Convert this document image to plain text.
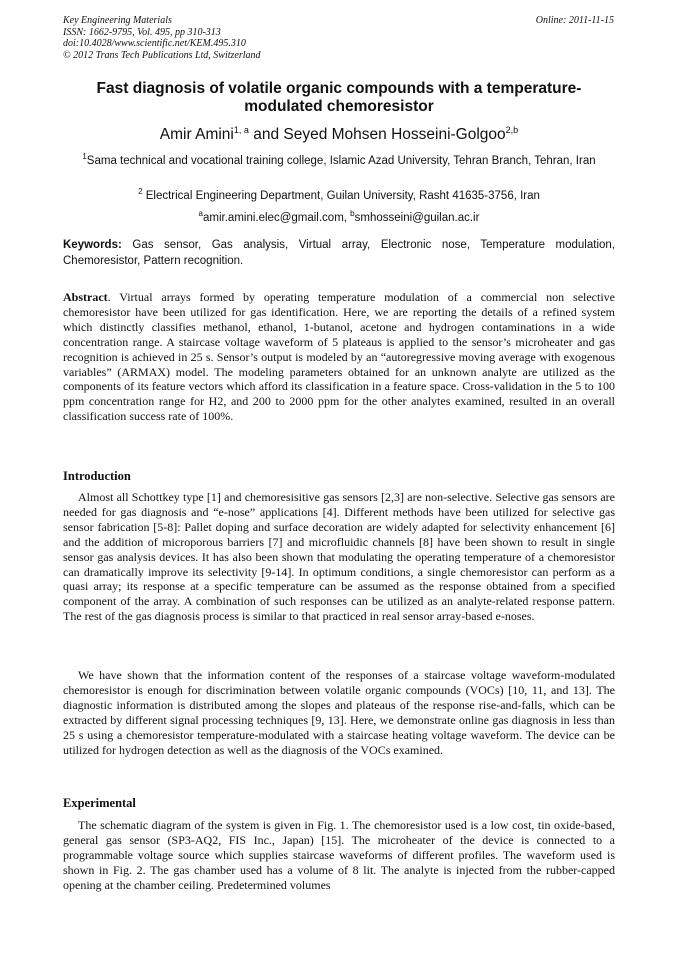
Key Engineering Materials
ISSN: 1662-9795, Vol. 495, pp 310-313
doi:10.4028/www.scientific.net/KEM.495.310
© 2012 Trans Tech Publications Ltd, Switzerland
Online: 2011-11-15
Fast diagnosis of volatile organic compounds with a temperature-modulated chemoresistor
Amir Amini$^{1, a}$ and Seyed Mohsen Hosseini-Golgoo$^{2,b}$
$^1$Sama technical and vocational training college, Islamic Azad University, Tehran Branch, Tehran, Iran
$^2$ Electrical Engineering Department, Guilan University, Rasht 41635-3756, Iran
$^a$amir.amini.elec@gmail.com, $^b$smhosseini@guilan.ac.ir
Keywords: Gas sensor, Gas analysis, Virtual array, Electronic nose, Temperature modulation, Chemoresistor, Pattern recognition.

Abstract. Virtual arrays formed by operating temperature modulation of a commercial non selective chemoresistor have been utilized for gas identification. Here, we are reporting the details of a refined system which distinctly classifies methanol, ethanol, 1-butanol, acetone and hydrogen contaminations in a wide concentration range. A staircase voltage waveform of 5 plateaus is applied to the sensor’s microheater and gas recognition is achieved in 25 s. Sensor’s output is modeled by an “autoregressive moving average with exogenous variables” (ARMAX) model. The modeling parameters obtained for an unknown analyte are utilized as the components of its feature vectors which afford its classification in a feature space. Cross-validation in the 5 to 100 ppm concentration range for H2, and 200 to 2000 ppm for the other analytes examined, resulted in an overall classification success rate of 100%.

Introduction

Almost all Schottkey type [1] and chemoresisitive gas sensors [2,3] are non-selective. Selective gas sensors are needed for gas diagnosis and “e-nose” applications [4]. Different methods have been utilized for selective gas sensor fabrication [5-8]: Pallet doping and surface decoration are widely adapted for selectivity enhancement [6] and the addition of microporous barriers [7] and microfluidic channels [8] have been shown to result in single sensor gas analysis devices. It has also been shown that modulating the operating temperature of a chemoresistor can dramatically improve its selectivity [9-14]. In optimum conditions, a single chemoresistor can perform as a quasi array; its response at a specific temperature can be assumed as the response obtained from a specified component of the array. A combination of such responses can be utilized as an analyte-related response pattern. The rest of the gas diagnosis process is similar to that practiced in real sensor array-based e-noses.

We have shown that the information content of the responses of a staircase voltage waveform-modulated chemoresistor is enough for discrimination between volatile organic compounds (VOCs) [10, 11, and 13]. The diagnostic information is distributed among the slopes and plateaus of the response rise-and-falls, which can be extracted by different signal processing techniques [9, 13]. Here, we demonstrate online gas diagnosis in less than 25 s using a chemoresistor temperature-modulated with a staircase heating voltage waveform. The device can be utilized for hydrogen detection as well as the diagnosis of the VOCs examined.

Experimental

The schematic diagram of the system is given in Fig. 1. The chemoresistor used is a low cost, tin oxide-based, general gas sensor (SP3-AQ2, FIS Inc., Japan) [15]. The microheater of the device is connected to a programmable voltage source which supplies staircase waveforms of different profiles. The waveform used is shown in Fig. 2. The gas chamber used has a volume of 8 lit. The analyte is injected from the rubber-capped opening at the chamber ceiling. Predetermined volumes
